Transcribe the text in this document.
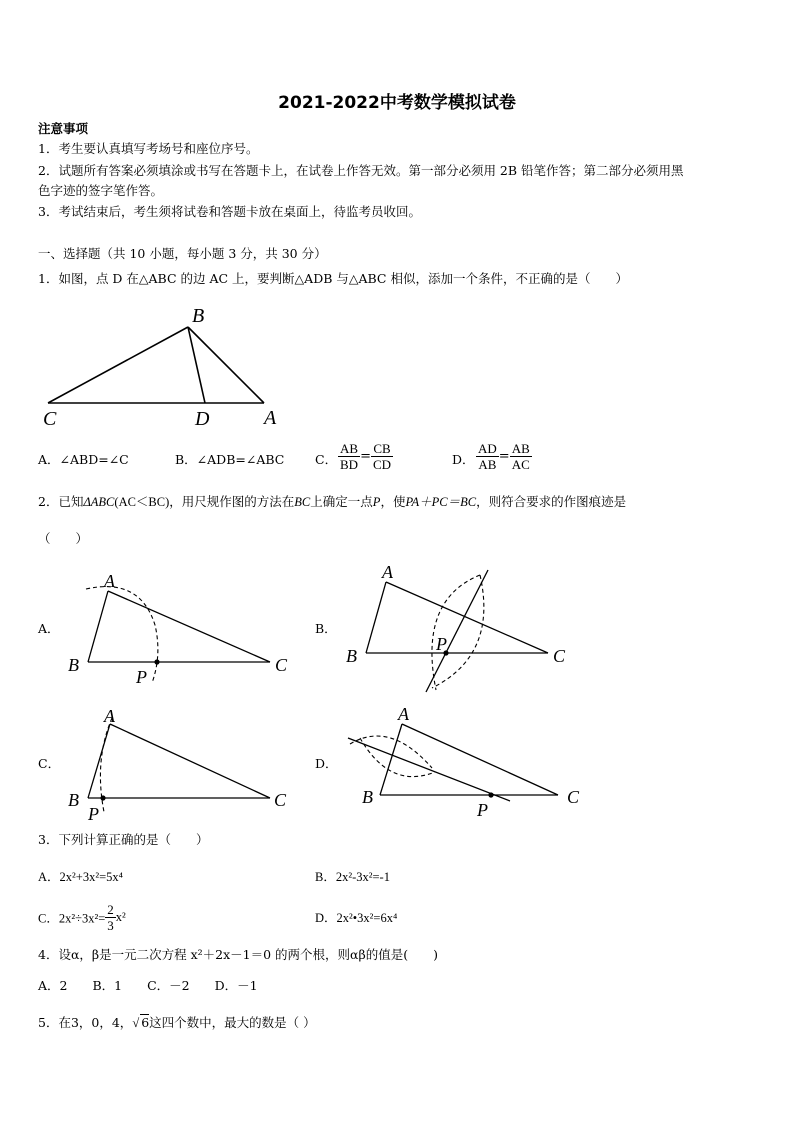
2021-2022中考数学模拟试卷
注意事项
1．考生要认真填写考场号和座位序号。
2．试题所有答案必须填涂或书写在答题卡上，在试卷上作答无效。第一部分必须用 2B 铅笔作答；第二部分必须用黑
色字迹的签字笔作答。
3．考试结束后，考生须将试卷和答题卡放在桌面上，待监考员收回。
一、选择题（共 10 小题，每小题 3 分，共 30 分）
1．如图，点 D 在△ABC 的边 AC 上，要判断△ADB 与△ABC 相似，添加一个条件，不正确的是（　　）
B
C	D	A
A．∠ABD=∠C	B．∠ADB=∠ABC C． $\frac{AB}{BD} = \frac{CB}{CD}$	D． $\frac{AD}{AB} = \frac{AB}{AC}$
2．已知ΔABC(AC＜BC)，用尺规作图的方法在BC上确定一点P，使PA＋PC＝BC，则符合要求的作图痕迹是
（　　）
A．
A
B	C
P
B．
A
B	C
P
C．
A
B	C
P
D．
A
B	C
P
3．下列计算正确的是（　　）
A．2x²+3x²=5x⁴	B．2x²-3x²=-1
C．$2x^2\div 3x^2= \frac{2}{3} x^2$	D．2x²•3x²=6x⁴
4．设α，β是一元二次方程 x²＋2x－1＝0 的两个根，则αβ的值是(　　)
A．2　　B．1　　C．－2　　D．－1
5．在3，0，4，√ 6这四个数中，最大的数是（ ）
